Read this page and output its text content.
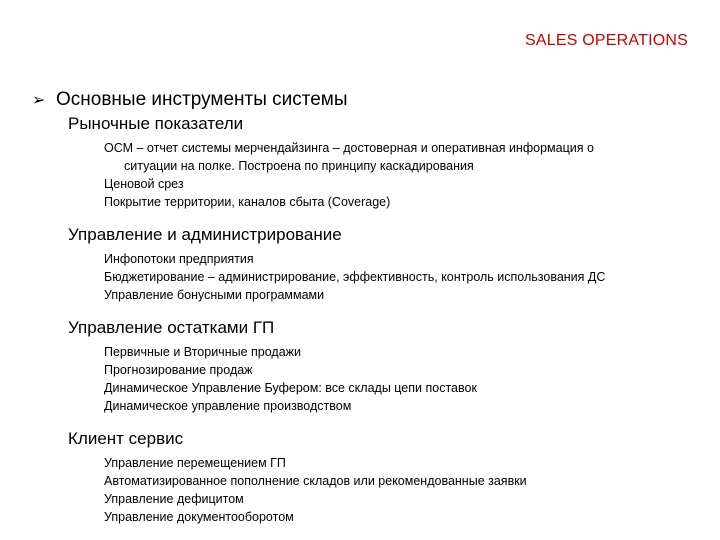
SALES OPERATIONS
➢ Основные инструменты системы
Рыночные показатели
ОСМ – отчет системы мерчендайзинга – достоверная и оперативная информация о
ситуации на полке. Построена по принципу каскадирования
Ценовой срез
Покрытие территории, каналов сбыта (Coverage)
Управление и администрирование
Инфопотоки предприятия
Бюджетирование – администрирование, эффективность, контроль использования ДС
Управление бонусными программами
Управление остатками ГП
Первичные и Вторичные продажи
Прогнозирование продаж
Динамическое Управление Буфером: все склады цепи поставок
Динамическое управление производством
Клиент сервис
Управление перемещением ГП
Автоматизированное пополнение складов или рекомендованные заявки
Управление дефицитом
Управление документооборотом
